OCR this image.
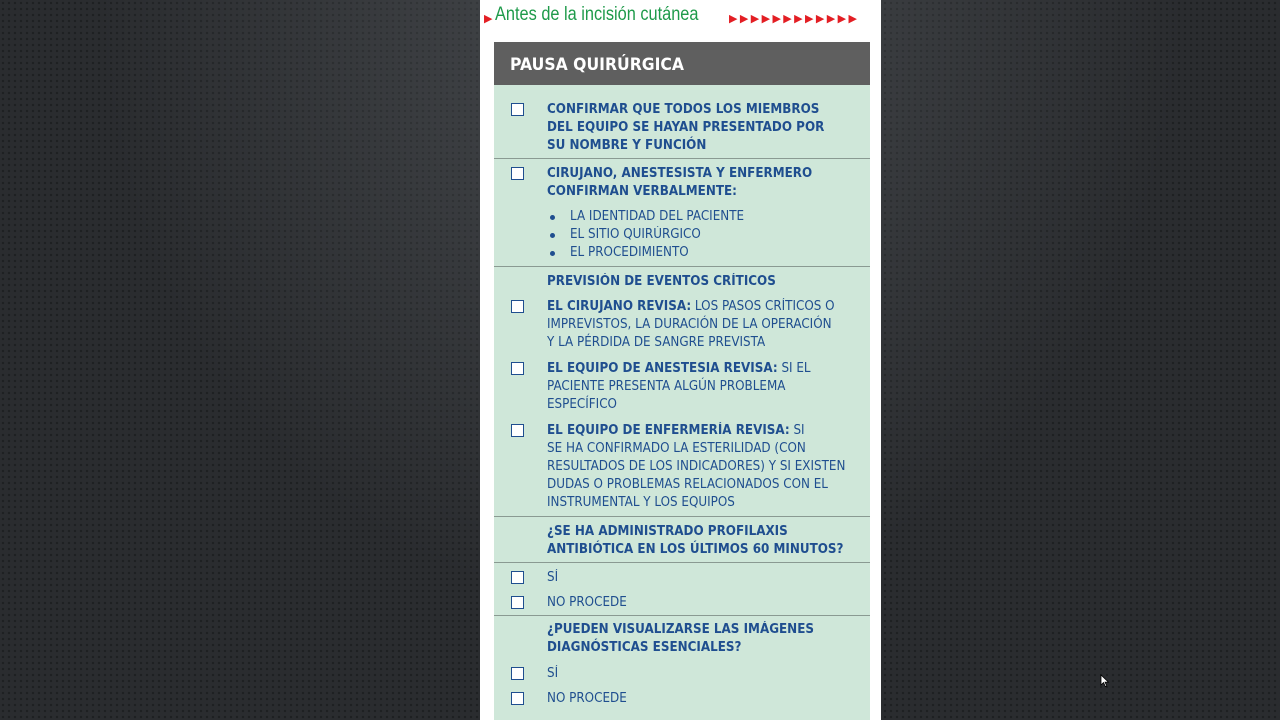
▶ Antes de la incisión cutánea	▶▶▶▶▶▶▶▶▶▶▶▶
PAUSA QUIRÚRGICA
CONFIRMAR QUE TODOS LOS MIEMBROS
DEL EQUIPO SE HAYAN PRESENTADO POR
SU NOMBRE Y FUNCIÓN
CIRUJANO, ANESTESISTA Y ENFERMERO
CONFIRMAN VERBALMENTE:
LA IDENTIDAD DEL PACIENTE
EL SITIO QUIRÚRGICO
EL PROCEDIMIENTO
PREVISIÓN DE EVENTOS CRÍTICOS
EL CIRUJANO REVISA: LOS PASOS CRÍTICOS O
IMPREVISTOS, LA DURACIÓN DE LA OPERACIÓN
Y LA PÉRDIDA DE SANGRE PREVISTA
EL EQUIPO DE ANESTESIA REVISA: SI EL
PACIENTE PRESENTA ALGÚN PROBLEMA
ESPECÍFICO
EL EQUIPO DE ENFERMERÍA REVISA: SI
SE HA CONFIRMADO LA ESTERILIDAD (CON
RESULTADOS DE LOS INDICADORES) Y SI EXISTEN
DUDAS O PROBLEMAS RELACIONADOS CON EL
INSTRUMENTAL Y LOS EQUIPOS
¿SE HA ADMINISTRADO PROFILAXIS
ANTIBIÓTICA EN LOS ÚLTIMOS 60 MINUTOS?
SÍ
NO PROCEDE
¿PUEDEN VISUALIZARSE LAS IMÁGENES
DIAGNÓSTICAS ESENCIALES?
SÍ
NO PROCEDE
